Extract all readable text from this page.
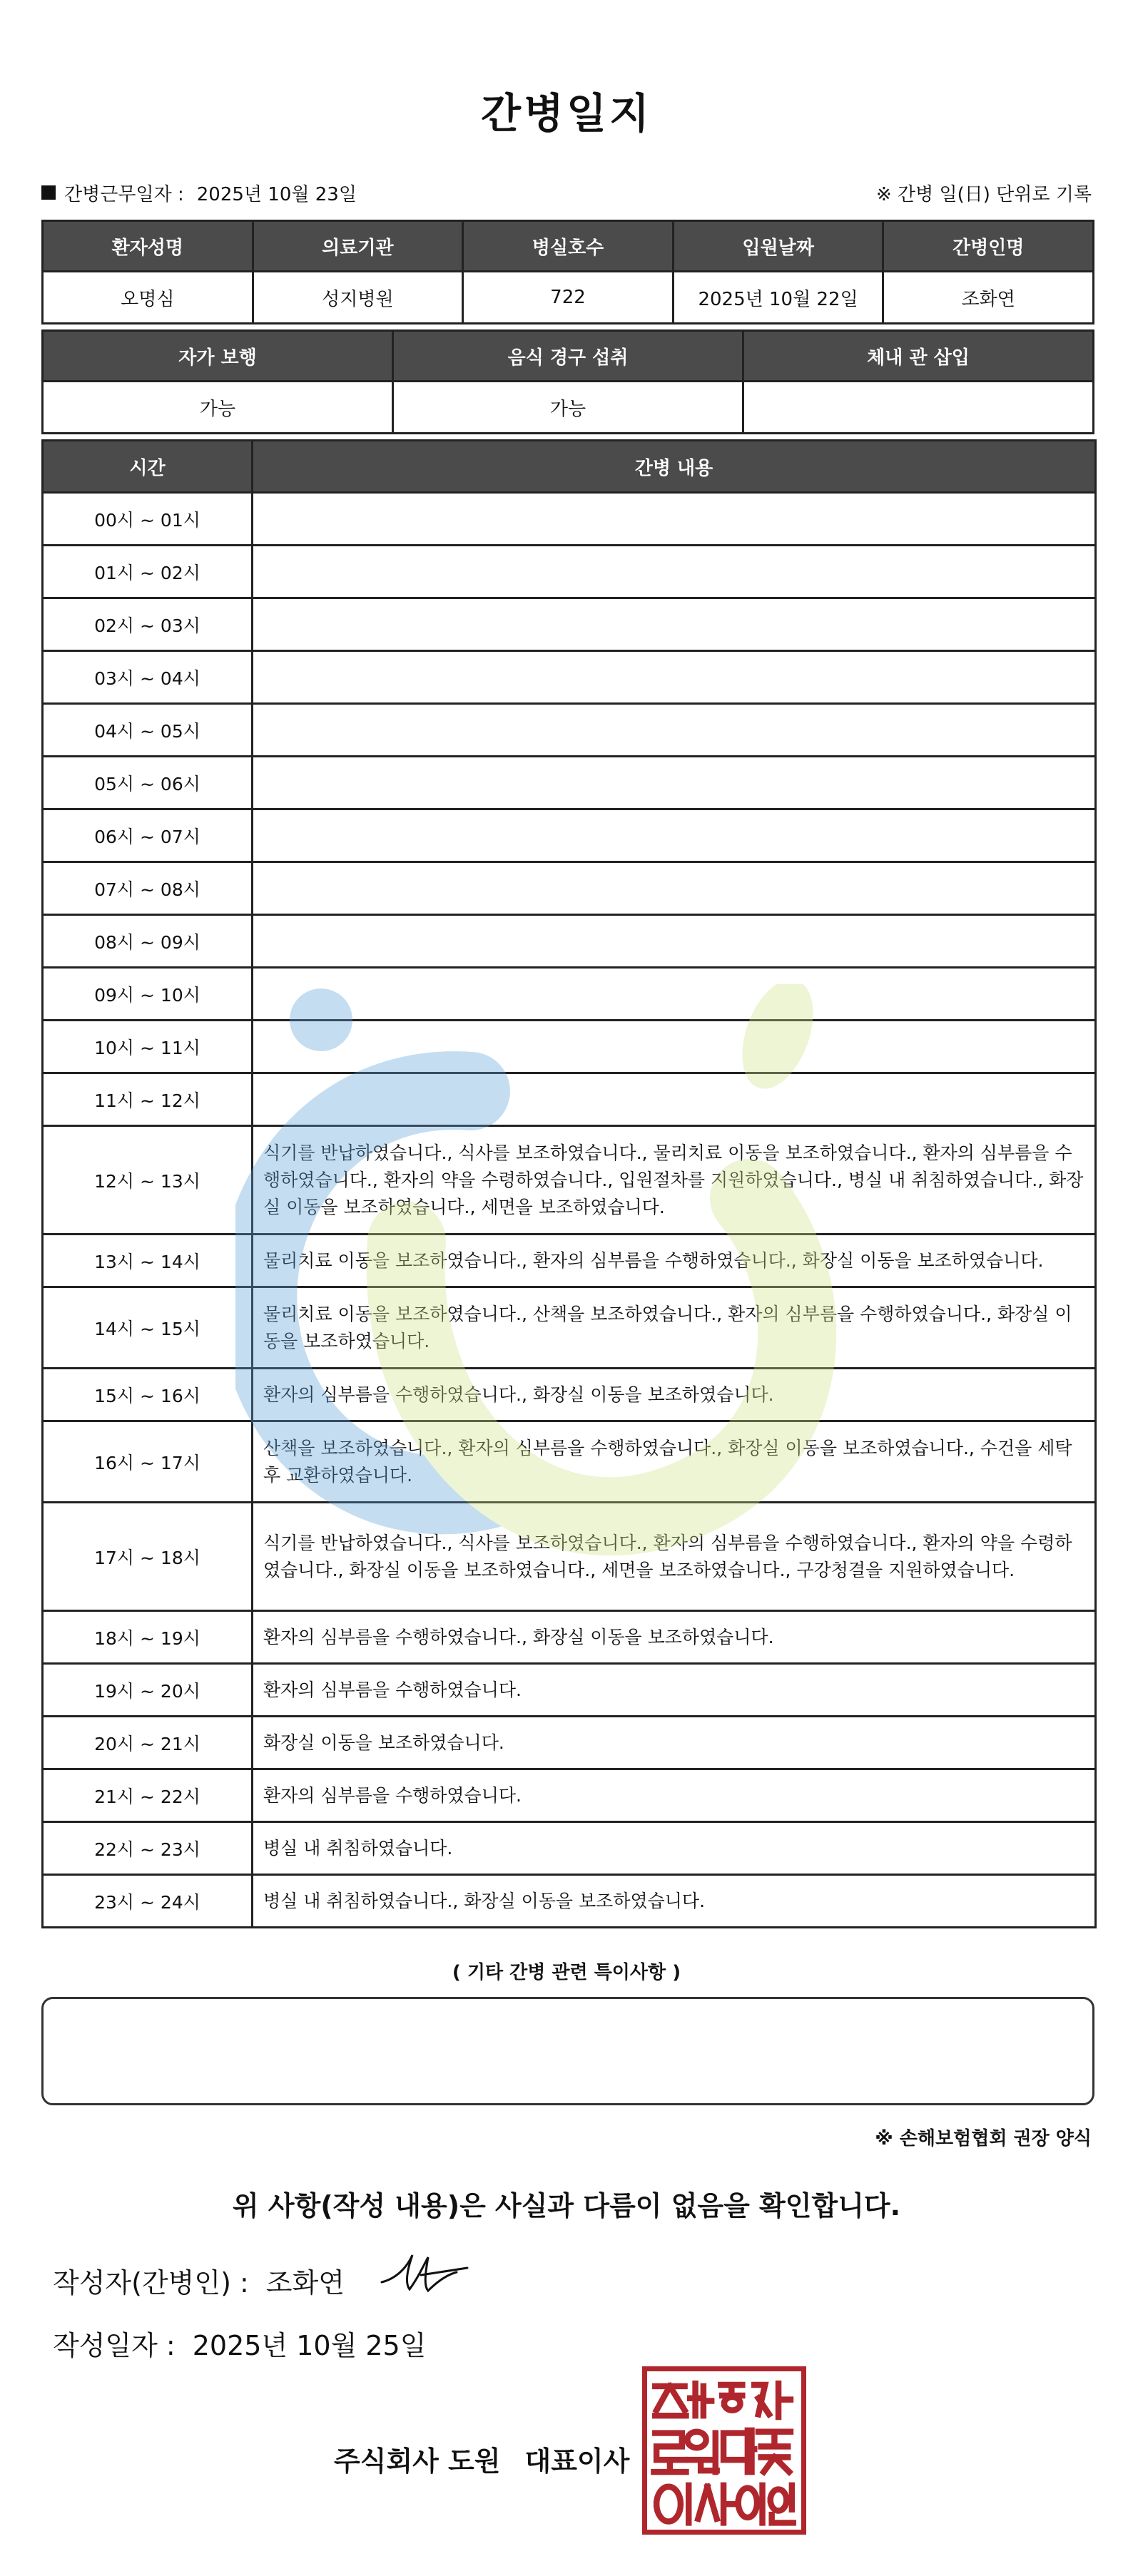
간병일지
간병근무일자 : 2025년 10월 23일	※ 간병 일(日) 단위로 기록
환자성명	의료기관	병실호수	입원날짜	간병인명
오명심	성지병원	722	2025년 10월 22일	조화연
자가 보행	음식 경구 섭취	체내 관 삽입
가능	가능	
시간	간병 내용
00시 ~ 01시	
01시 ~ 02시	
02시 ~ 03시	
03시 ~ 04시	
04시 ~ 05시	
05시 ~ 06시	
06시 ~ 07시	
07시 ~ 08시	
08시 ~ 09시	
09시 ~ 10시	
10시 ~ 11시	
11시 ~ 12시	
12시 ~ 13시	식기를 반납하였습니다., 식사를 보조하였습니다., 물리치료 이동을 보조하였습니다., 환자의 심부름을 수행하였습니다., 환자의 약을 수령하였습니다., 입원절차를 지원하였습니다., 병실 내 취침하였습니다., 화장실 이동을 보조하였습니다., 세면을 보조하였습니다.
13시 ~ 14시	물리치료 이동을 보조하였습니다., 환자의 심부름을 수행하였습니다., 화장실 이동을 보조하였습니다.
14시 ~ 15시	물리치료 이동을 보조하였습니다., 산책을 보조하였습니다., 환자의 심부름을 수행하였습니다., 화장실 이동을 보조하였습니다.
15시 ~ 16시	환자의 심부름을 수행하였습니다., 화장실 이동을 보조하였습니다.
16시 ~ 17시	산책을 보조하였습니다., 환자의 심부름을 수행하였습니다., 화장실 이동을 보조하였습니다., 수건을 세탁 후 교환하였습니다.
17시 ~ 18시	식기를 반납하였습니다., 식사를 보조하였습니다., 환자의 심부름을 수행하였습니다., 환자의 약을 수령하였습니다., 화장실 이동을 보조하였습니다., 세면을 보조하였습니다., 구강청결을 지원하였습니다.
18시 ~ 19시	환자의 심부름을 수행하였습니다., 화장실 이동을 보조하였습니다.
19시 ~ 20시	환자의 심부름을 수행하였습니다.
20시 ~ 21시	화장실 이동을 보조하였습니다.
21시 ~ 22시	환자의 심부름을 수행하였습니다.
22시 ~ 23시	병실 내 취침하였습니다.
23시 ~ 24시	병실 내 취침하였습니다., 화장실 이동을 보조하였습니다.
( 기타 간병 관련 특이사항 )
※ 손해보험협회 권장 양식
위 사항(작성 내용)은 사실과 다름이 없음을 확인합니다.
작성자(간병인) : 조화연
작성일자 : 2025년 10월 25일
주식회사 도원 대표이사
